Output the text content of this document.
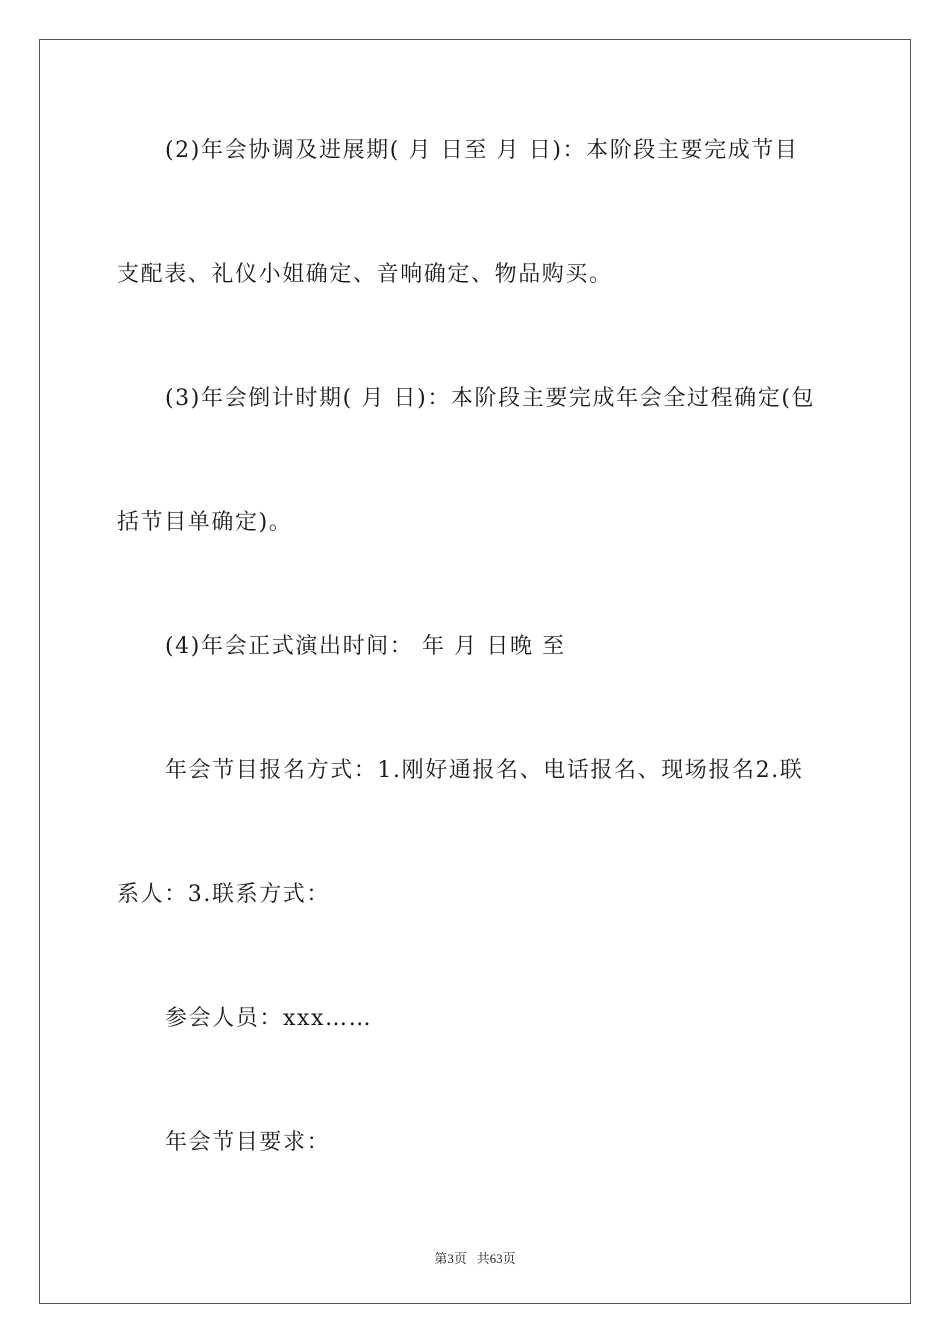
(2)年会协调及进展期( 月 日至 月 日)：本阶段主要完成节目
支配表、礼仪小姐确定、音响确定、物品购买。
(3)年会倒计时期( 月 日)：本阶段主要完成年会全过程确定(包
括节目单确定)。
(4)年会正式演出时间： 年 月 日晚 至
年会节目报名方式：1.刚好通报名、电话报名、现场报名2.联
系人：3.联系方式：
参会人员：xxx……
年会节目要求：
第3页 共63页
